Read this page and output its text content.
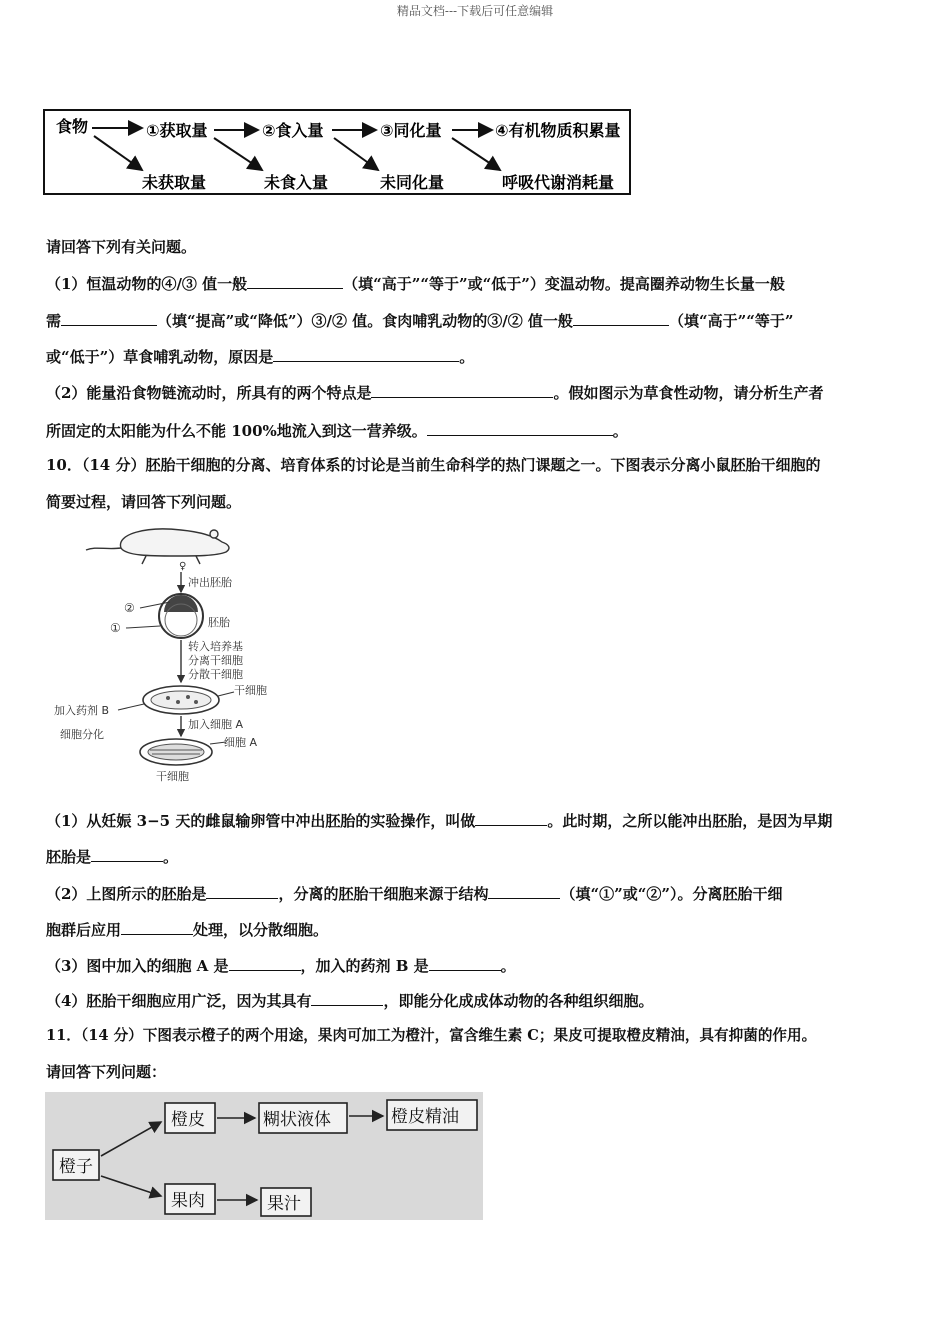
精品文档---下载后可任意编辑
食物	①获取量	②食入量	③同化量	④有机物质积累量
未获取量	未食入量	未同化量	呼吸代谢消耗量
请回答下列有关问题。
（1）恒温动物的④/③ 值一般	（填“高于”“等于”或“低于”）变温动物。提高圈养动物生长量一般
需	（填“提高”或“降低”）③/② 值。食肉哺乳动物的③/② 值一般	（填“高于”“等于”
或“低于”）草食哺乳动物，原因是	。
（2）能量沿食物链流动时，所具有的两个特点是	。假如图示为草食性动物，请分析生产者
所固定的太阳能为什么不能 100%地流入到这一营养级。	。
10．（14 分）胚胎干细胞的分离、培育体系的讨论是当前生命科学的热门课题之一。下图表示分离小鼠胚胎干细胞的
简要过程，请回答下列问题。
♀
冲出胚胎
②
①	胚胎
转入培养基
分离干细胞
分散干细胞
干细胞
加入药剂 B
加入细胞 A
细胞分化
细胞 A
干细胞
（1）从妊娠 3−5 天的雌鼠输卵管中冲出胚胎的实验操作，叫做	。此时期，之所以能冲出胚胎，是因为早期
胚胎是	。
（2）上图所示的胚胎是	，分离的胚胎干细胞来源于结构	（填“①”或“②”）。分离胚胎干细
胞群后应用	处理，以分散细胞。
（3）图中加入的细胞 A 是	，加入的药剂 B 是	。
（4）胚胎干细胞应用广泛，因为其具有	，即能分化成成体动物的各种组织细胞。
11．（14 分）下图表示橙子的两个用途，果肉可加工为橙汁，富含维生素 C；果皮可提取橙皮精油，具有抑菌的作用。
请回答下列问题：
橙子
橙皮	糊状液体	橙皮精油
果肉	果汁
